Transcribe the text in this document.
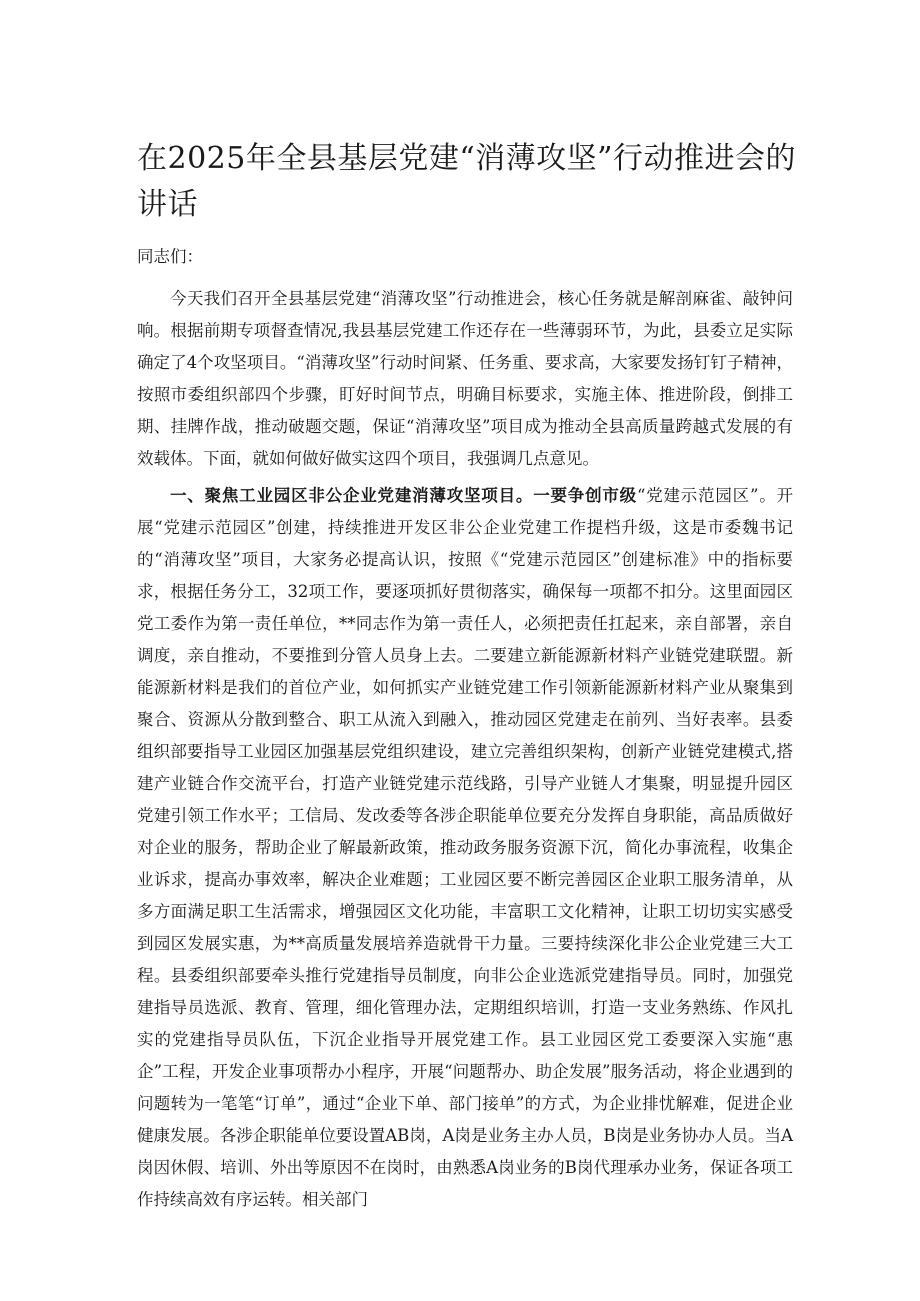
在2025年全县基层党建“消薄攻坚”行动推进会的讲话

同志们：

今天我们召开全县基层党建“消薄攻坚”行动推进会，核心任务就是解剖麻雀、敲钟问响。根据前期专项督查情况,我县基层党建工作还存在一些薄弱环节，为此，县委立足实际确定了4个攻坚项目。“消薄攻坚”行动时间紧、任务重、要求高，大家要发扬钉钉子精神，按照市委组织部四个步骤，盯好时间节点，明确目标要求，实施主体、推进阶段，倒排工期、挂牌作战，推动破题交题，保证“消薄攻坚”项目成为推动全县高质量跨越式发展的有效载体。下面，就如何做好做实这四个项目，我强调几点意见。

一、聚焦工业园区非公企业党建消薄攻坚项目。一要争创市级“党建示范园区”。开展“党建示范园区”创建，持续推进开发区非公企业党建工作提档升级，这是市委魏书记的“消薄攻坚”项目，大家务必提高认识，按照《“党建示范园区”创建标准》中的指标要求，根据任务分工，32项工作，要逐项抓好贯彻落实，确保每一项都不扣分。这里面园区党工委作为第一责任单位，**同志作为第一责任人，必须把责任扛起来，亲自部署，亲自调度，亲自推动，不要推到分管人员身上去。二要建立新能源新材料产业链党建联盟。新能源新材料是我们的首位产业，如何抓实产业链党建工作引领新能源新材料产业从聚集到聚合、资源从分散到整合、职工从流入到融入，推动园区党建走在前列、当好表率。县委组织部要指导工业园区加强基层党组织建设，建立完善组织架构，创新产业链党建模式,搭建产业链合作交流平台，打造产业链党建示范线路，引导产业链人才集聚，明显提升园区党建引领工作水平；工信局、发改委等各涉企职能单位要充分发挥自身职能，高品质做好对企业的服务，帮助企业了解最新政策，推动政务服务资源下沉，简化办事流程，收集企业诉求，提高办事效率，解决企业难题；工业园区要不断完善园区企业职工服务清单，从多方面满足职工生活需求，增强园区文化功能，丰富职工文化精神，让职工切切实实感受到园区发展实惠，为**高质量发展培养造就骨干力量。三要持续深化非公企业党建三大工程。县委组织部要牵头推行党建指导员制度，向非公企业选派党建指导员。同时，加强党建指导员选派、教育、管理，细化管理办法，定期组织培训，打造一支业务熟练、作风扎实的党建指导员队伍，下沉企业指导开展党建工作。县工业园区党工委要深入实施“惠企”工程，开发企业事项帮办小程序，开展“问题帮办、助企发展”服务活动，将企业遇到的问题转为一笔笔“订单”，通过“企业下单、部门接单”的方式，为企业排忧解难，促进企业健康发展。各涉企职能单位要设置AB岗，A岗是业务主办人员，B岗是业务协办人员。当A岗因休假、培训、外出等原因不在岗时，由熟悉A岗业务的B岗代理承办业务，保证各项工作持续高效有序运转。相关部门
